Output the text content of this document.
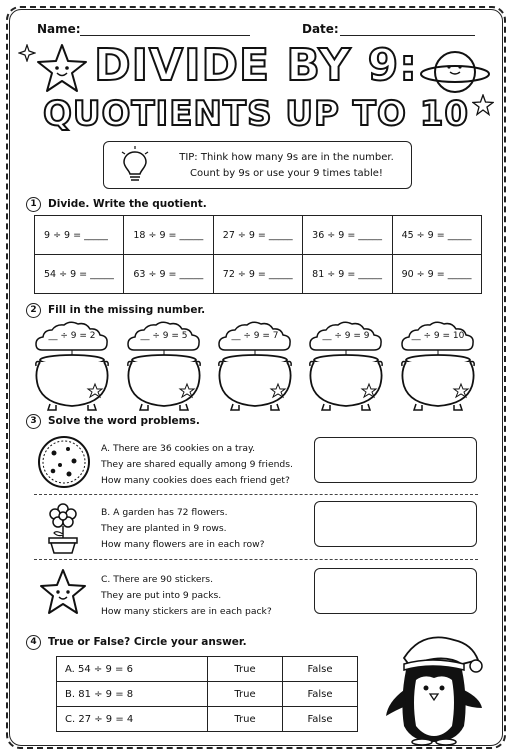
Name:	Date:
DIVIDE BY 9:
QUOTIENTS UP TO 10
TIP: Think how many 9s are in the number.
Count by 9s or use your 9 times table!
1	Divide. Write the quotient.
9 ÷ 9 = _____	18 ÷ 9 = _____	27 ÷ 9 = _____	36 ÷ 9 = _____	45 ÷ 9 = _____
54 ÷ 9 = _____	63 ÷ 9 = _____	72 ÷ 9 = _____	81 ÷ 9 = _____	90 ÷ 9 = _____
2	Fill in the missing number.
__ ÷ 9 = 2	__ ÷ 9 = 5	__ ÷ 9 = 7	__ ÷ 9 = 9	__ ÷ 9 = 10
3	Solve the word problems.
A. There are 36 cookies on a tray.
They are shared equally among 9 friends.
How many cookies does each friend get?
B. A garden has 72 flowers.
They are planted in 9 rows.
How many flowers are in each row?
C. There are 90 stickers.
They are put into 9 packs.
How many stickers are in each pack?
4	True or False? Circle your answer.
A. 54 ÷ 9 = 6	True	False
B. 81 ÷ 9 = 8	True	False
C. 27 ÷ 9 = 4	True	False
